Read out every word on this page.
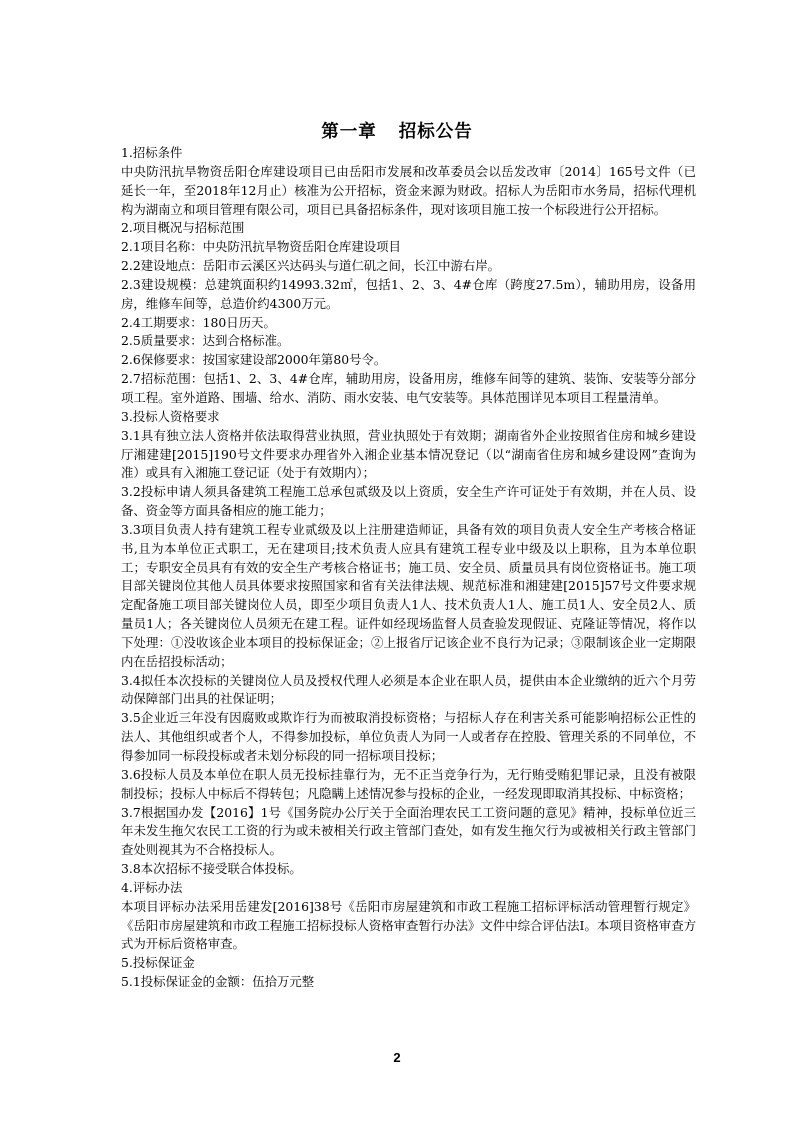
第一章 招标公告

1.招标条件

中央防汛抗旱物资岳阳仓库建设项目已由岳阳市发展和改革委员会以岳发改审〔2014〕165号文件（已延长一年，至2018年12月止）核准为公开招标，资金来源为财政。招标人为岳阳市水务局，招标代理机构为湖南立和项目管理有限公司，项目已具备招标条件，现对该项目施工按一个标段进行公开招标。

2.项目概况与招标范围

2.1项目名称：中央防汛抗旱物资岳阳仓库建设项目

2.2建设地点：岳阳市云溪区兴达码头与道仁矶之间，长江中游右岸。

2.3建设规模：总建筑面积约14993.32㎡，包括1、2、3、4#仓库（跨度27.5m），辅助用房，设备用房，维修车间等，总造价约4300万元。

2.4工期要求：180日历天。

2.5质量要求：达到合格标准。

2.6保修要求：按国家建设部2000年第80号令。

2.7招标范围：包括1、2、3、4#仓库，辅助用房，设备用房，维修车间等的建筑、装饰、安装等分部分项工程。室外道路、围墙、给水、消防、雨水安装、电气安装等。具体范围详见本项目工程量清单。

3.投标人资格要求

3.1具有独立法人资格并依法取得营业执照，营业执照处于有效期；湖南省外企业按照省住房和城乡建设厅湘建建[2015]190号文件要求办理省外入湘企业基本情况登记（以“湖南省住房和城乡建设网”查询为准）或具有入湘施工登记证（处于有效期内）；

3.2投标申请人须具备建筑工程施工总承包贰级及以上资质，安全生产许可证处于有效期，并在人员、设备、资金等方面具备相应的施工能力；

3.3项目负责人持有建筑工程专业贰级及以上注册建造师证，具备有效的项目负责人安全生产考核合格证书,且为本单位正式职工，无在建项目;技术负责人应具有建筑工程专业中级及以上职称，且为本单位职工；专职安全员具有有效的安全生产考核合格证书；施工员、安全员、质量员具有岗位资格证书。施工项目部关键岗位其他人员具体要求按照国家和省有关法律法规、规范标准和湘建建[2015]57号文件要求规定配备施工项目部关键岗位人员，即至少项目负责人1人、技术负责人1人、施工员1人、安全员2人、质量员1人；各关键岗位人员须无在建工程。证件如经现场监督人员查验发现假证、克隆证等情况，将作以下处理：①没收该企业本项目的投标保证金；②上报省厅记该企业不良行为记录；③限制该企业一定期限内在岳招投标活动；

3.4拟任本次投标的关键岗位人员及授权代理人必须是本企业在职人员，提供由本企业缴纳的近六个月劳动保障部门出具的社保证明；

3.5企业近三年没有因腐败或欺诈行为而被取消投标资格；与招标人存在利害关系可能影响招标公正性的法人、其他组织或者个人，不得参加投标，单位负责人为同一人或者存在控股、管理关系的不同单位，不得参加同一标段投标或者未划分标段的同一招标项目投标；

3.6投标人员及本单位在职人员无投标挂靠行为，无不正当竞争行为，无行贿受贿犯罪记录，且没有被限制投标；投标人中标后不得转包；凡隐瞒上述情况参与投标的企业，一经发现即取消其投标、中标资格；

3.7根据国办发【2016】1号《国务院办公厅关于全面治理农民工工资问题的意见》精神，投标单位近三年未发生拖欠农民工工资的行为或未被相关行政主管部门查处，如有发生拖欠行为或被相关行政主管部门查处则视其为不合格投标人。

3.8本次招标不接受联合体投标。

4.评标办法

本项目评标办法采用岳建发[2016]38号《岳阳市房屋建筑和市政工程施工招标评标活动管理暂行规定》《岳阳市房屋建筑和市政工程施工招标投标人资格审查暂行办法》文件中综合评估法Ⅰ。本项目资格审查方式为开标后资格审查。

5.投标保证金

5.1投标保证金的金额：伍拾万元整

2
